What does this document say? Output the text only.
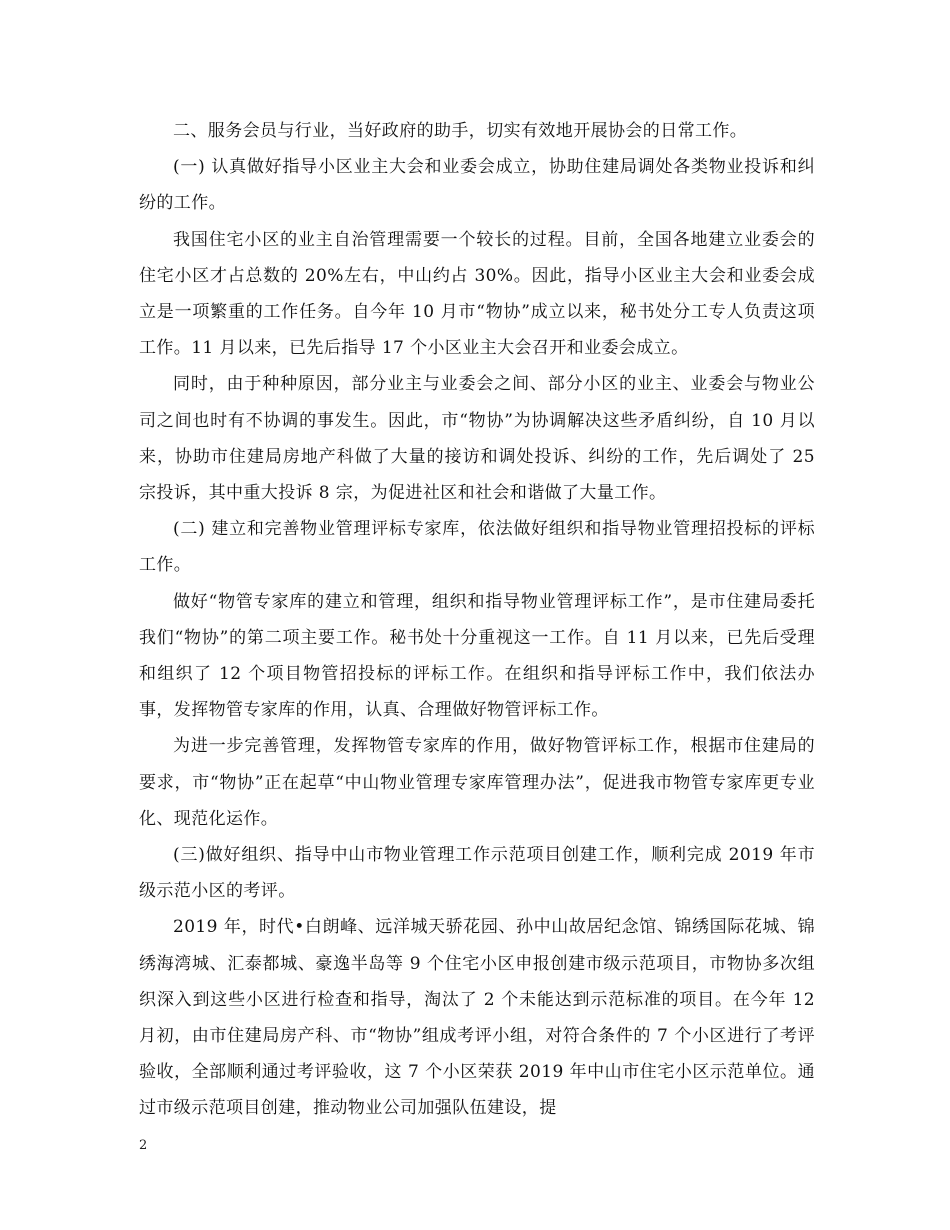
二、服务会员与行业，当好政府的助手，切实有效地开展协会的日常工作。

(一) 认真做好指导小区业主大会和业委会成立，协助住建局调处各类物业投诉和纠纷的工作。

我国住宅小区的业主自治管理需要一个较长的过程。目前，全国各地建立业委会的住宅小区才占总数的 20%左右，中山约占 30%。因此，指导小区业主大会和业委会成立是一项繁重的工作任务。自今年 10 月市“物协”成立以来，秘书处分工专人负责这项工作。11 月以来，已先后指导 17 个小区业主大会召开和业委会成立。

同时，由于种种原因，部分业主与业委会之间、部分小区的业主、业委会与物业公司之间也时有不协调的事发生。因此，市“物协”为协调解决这些矛盾纠纷，自 10 月以来，协助市住建局房地产科做了大量的接访和调处投诉、纠纷的工作，先后调处了 25 宗投诉，其中重大投诉 8 宗，为促进社区和社会和谐做了大量工作。

(二) 建立和完善物业管理评标专家库，依法做好组织和指导物业管理招投标的评标工作。

做好“物管专家库的建立和管理，组织和指导物业管理评标工作”，是市住建局委托我们“物协”的第二项主要工作。秘书处十分重视这一工作。自 11 月以来，已先后受理和组织了 12 个项目物管招投标的评标工作。在组织和指导评标工作中，我们依法办事，发挥物管专家库的作用，认真、合理做好物管评标工作。

为进一步完善管理，发挥物管专家库的作用，做好物管评标工作，根据市住建局的要求，市“物协”正在起草“中山物业管理专家库管理办法”，促进我市物管专家库更专业化、现范化运作。

(三)做好组织、指导中山市物业管理工作示范项目创建工作，顺利完成 2019 年市级示范小区的考评。

2019 年，时代•白朗峰、远洋城天骄花园、孙中山故居纪念馆、锦绣国际花城、锦绣海湾城、汇泰都城、豪逸半岛等 9 个住宅小区申报创建市级示范项目，市物协多次组织深入到这些小区进行检查和指导，淘汰了 2 个未能达到示范标准的项目。在今年 12 月初，由市住建局房产科、市“物协”组成考评小组，对符合条件的 7 个小区进行了考评验收，全部顺利通过考评验收，这 7 个小区荣获 2019 年中山市住宅小区示范单位。通过市级示范项目创建，推动物业公司加强队伍建设，提

2
